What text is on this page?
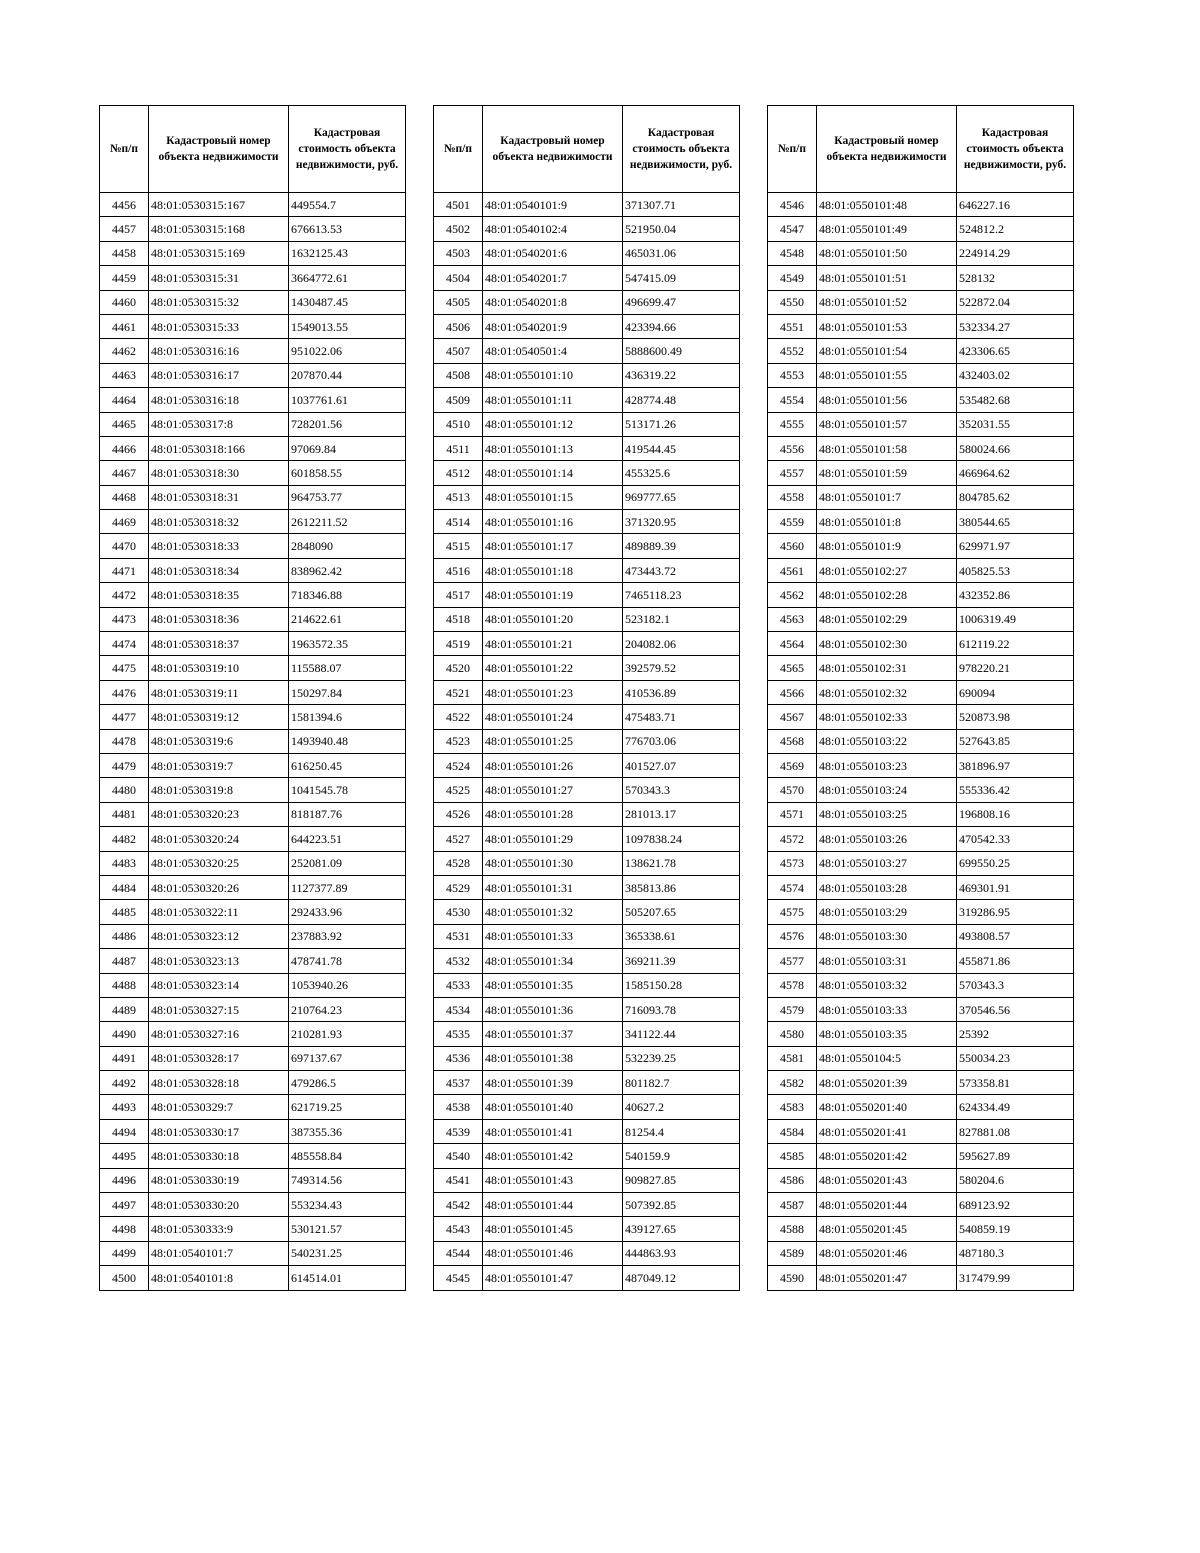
№п/п	Кадастровый номер объекта недвижимости	Кадастровая стоимость объекта недвижимости, руб.
4456	48:01:0530315:167	449554.7
4457	48:01:0530315:168	676613.53
4458	48:01:0530315:169	1632125.43
4459	48:01:0530315:31	3664772.61
4460	48:01:0530315:32	1430487.45
4461	48:01:0530315:33	1549013.55
4462	48:01:0530316:16	951022.06
4463	48:01:0530316:17	207870.44
4464	48:01:0530316:18	1037761.61
4465	48:01:0530317:8	728201.56
4466	48:01:0530318:166	97069.84
4467	48:01:0530318:30	601858.55
4468	48:01:0530318:31	964753.77
4469	48:01:0530318:32	2612211.52
4470	48:01:0530318:33	2848090
4471	48:01:0530318:34	838962.42
4472	48:01:0530318:35	718346.88
4473	48:01:0530318:36	214622.61
4474	48:01:0530318:37	1963572.35
4475	48:01:0530319:10	115588.07
4476	48:01:0530319:11	150297.84
4477	48:01:0530319:12	1581394.6
4478	48:01:0530319:6	1493940.48
4479	48:01:0530319:7	616250.45
4480	48:01:0530319:8	1041545.78
4481	48:01:0530320:23	818187.76
4482	48:01:0530320:24	644223.51
4483	48:01:0530320:25	252081.09
4484	48:01:0530320:26	1127377.89
4485	48:01:0530322:11	292433.96
4486	48:01:0530323:12	237883.92
4487	48:01:0530323:13	478741.78
4488	48:01:0530323:14	1053940.26
4489	48:01:0530327:15	210764.23
4490	48:01:0530327:16	210281.93
4491	48:01:0530328:17	697137.67
4492	48:01:0530328:18	479286.5
4493	48:01:0530329:7	621719.25
4494	48:01:0530330:17	387355.36
4495	48:01:0530330:18	485558.84
4496	48:01:0530330:19	749314.56
4497	48:01:0530330:20	553234.43
4498	48:01:0530333:9	530121.57
4499	48:01:0540101:7	540231.25
4500	48:01:0540101:8	614514.01
№п/п	Кадастровый номер объекта недвижимости	Кадастровая стоимость объекта недвижимости, руб.
4501	48:01:0540101:9	371307.71
4502	48:01:0540102:4	521950.04
4503	48:01:0540201:6	465031.06
4504	48:01:0540201:7	547415.09
4505	48:01:0540201:8	496699.47
4506	48:01:0540201:9	423394.66
4507	48:01:0540501:4	5888600.49
4508	48:01:0550101:10	436319.22
4509	48:01:0550101:11	428774.48
4510	48:01:0550101:12	513171.26
4511	48:01:0550101:13	419544.45
4512	48:01:0550101:14	455325.6
4513	48:01:0550101:15	969777.65
4514	48:01:0550101:16	371320.95
4515	48:01:0550101:17	489889.39
4516	48:01:0550101:18	473443.72
4517	48:01:0550101:19	7465118.23
4518	48:01:0550101:20	523182.1
4519	48:01:0550101:21	204082.06
4520	48:01:0550101:22	392579.52
4521	48:01:0550101:23	410536.89
4522	48:01:0550101:24	475483.71
4523	48:01:0550101:25	776703.06
4524	48:01:0550101:26	401527.07
4525	48:01:0550101:27	570343.3
4526	48:01:0550101:28	281013.17
4527	48:01:0550101:29	1097838.24
4528	48:01:0550101:30	138621.78
4529	48:01:0550101:31	385813.86
4530	48:01:0550101:32	505207.65
4531	48:01:0550101:33	365338.61
4532	48:01:0550101:34	369211.39
4533	48:01:0550101:35	1585150.28
4534	48:01:0550101:36	716093.78
4535	48:01:0550101:37	341122.44
4536	48:01:0550101:38	532239.25
4537	48:01:0550101:39	801182.7
4538	48:01:0550101:40	40627.2
4539	48:01:0550101:41	81254.4
4540	48:01:0550101:42	540159.9
4541	48:01:0550101:43	909827.85
4542	48:01:0550101:44	507392.85
4543	48:01:0550101:45	439127.65
4544	48:01:0550101:46	444863.93
4545	48:01:0550101:47	487049.12
№п/п	Кадастровый номер объекта недвижимости	Кадастровая стоимость объекта недвижимости, руб.
4546	48:01:0550101:48	646227.16
4547	48:01:0550101:49	524812.2
4548	48:01:0550101:50	224914.29
4549	48:01:0550101:51	528132
4550	48:01:0550101:52	522872.04
4551	48:01:0550101:53	532334.27
4552	48:01:0550101:54	423306.65
4553	48:01:0550101:55	432403.02
4554	48:01:0550101:56	535482.68
4555	48:01:0550101:57	352031.55
4556	48:01:0550101:58	580024.66
4557	48:01:0550101:59	466964.62
4558	48:01:0550101:7	804785.62
4559	48:01:0550101:8	380544.65
4560	48:01:0550101:9	629971.97
4561	48:01:0550102:27	405825.53
4562	48:01:0550102:28	432352.86
4563	48:01:0550102:29	1006319.49
4564	48:01:0550102:30	612119.22
4565	48:01:0550102:31	978220.21
4566	48:01:0550102:32	690094
4567	48:01:0550102:33	520873.98
4568	48:01:0550103:22	527643.85
4569	48:01:0550103:23	381896.97
4570	48:01:0550103:24	555336.42
4571	48:01:0550103:25	196808.16
4572	48:01:0550103:26	470542.33
4573	48:01:0550103:27	699550.25
4574	48:01:0550103:28	469301.91
4575	48:01:0550103:29	319286.95
4576	48:01:0550103:30	493808.57
4577	48:01:0550103:31	455871.86
4578	48:01:0550103:32	570343.3
4579	48:01:0550103:33	370546.56
4580	48:01:0550103:35	25392
4581	48:01:0550104:5	550034.23
4582	48:01:0550201:39	573358.81
4583	48:01:0550201:40	624334.49
4584	48:01:0550201:41	827881.08
4585	48:01:0550201:42	595627.89
4586	48:01:0550201:43	580204.6
4587	48:01:0550201:44	689123.92
4588	48:01:0550201:45	540859.19
4589	48:01:0550201:46	487180.3
4590	48:01:0550201:47	317479.99
